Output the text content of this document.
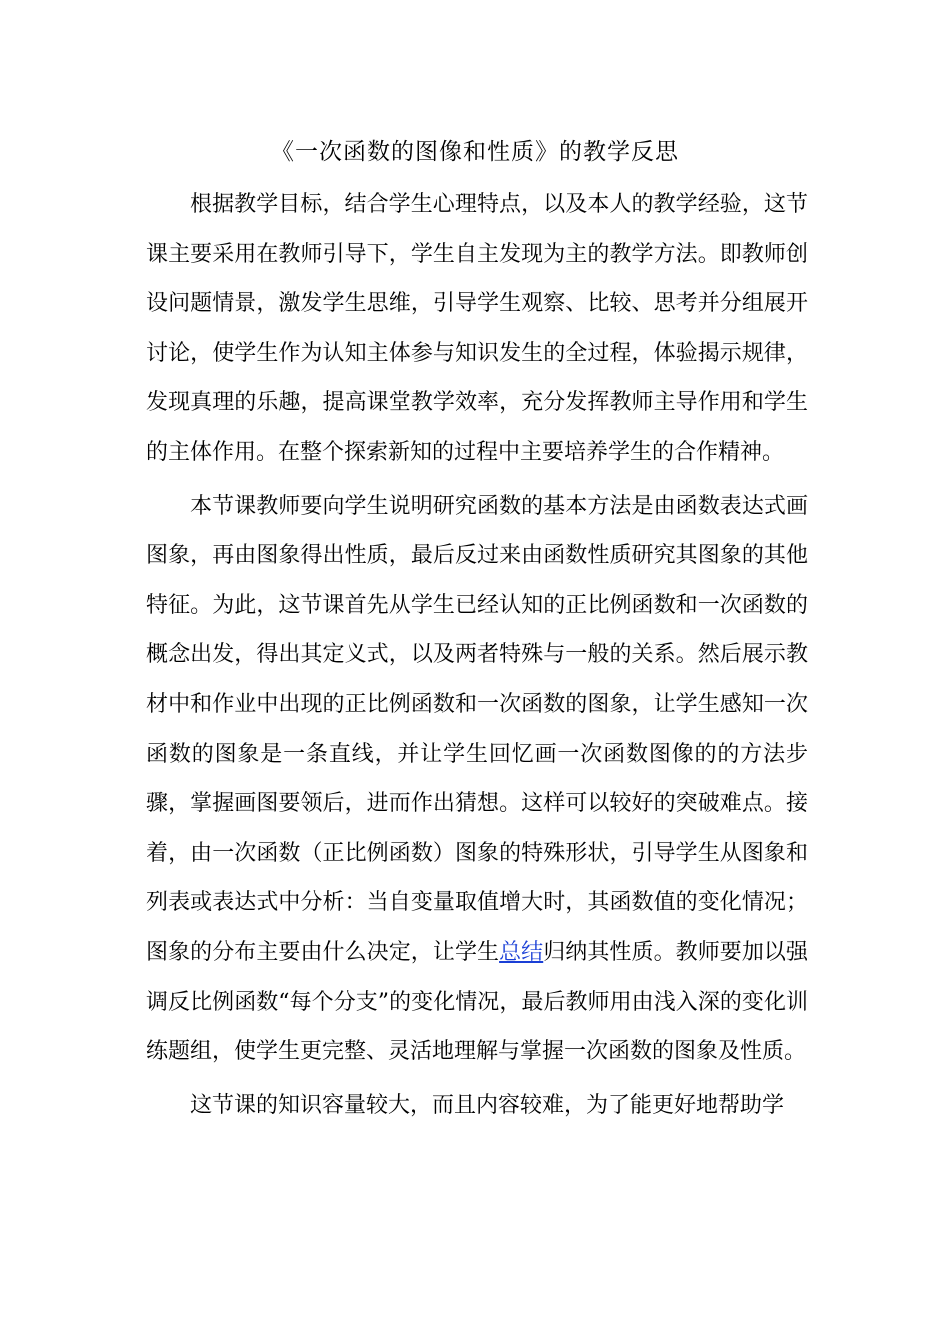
《一次函数的图像和性质》的教学反思

根据教学目标，结合学生心理特点，以及本人的教学经验，这节课主要采用在教师引导下，学生自主发现为主的教学方法。即教师创设问题情景，激发学生思维，引导学生观察、比较、思考并分组展开讨论，使学生作为认知主体参与知识发生的全过程，体验揭示规律，发现真理的乐趣，提高课堂教学效率，充分发挥教师主导作用和学生的主体作用。在整个探索新知的过程中主要培养学生的合作精神。

本节课教师要向学生说明研究函数的基本方法是由函数表达式画图象，再由图象得出性质，最后反过来由函数性质研究其图象的其他特征。为此，这节课首先从学生已经认知的正比例函数和一次函数的概念出发，得出其定义式，以及两者特殊与一般的关系。然后展示教材中和作业中出现的正比例函数和一次函数的图象，让学生感知一次函数的图象是一条直线，并让学生回忆画一次函数图像的的方法步骤，掌握画图要领后，进而作出猜想。这样可以较好的突破难点。接着，由一次函数（正比例函数）图象的特殊形状，引导学生从图象和列表或表达式中分析：当自变量取值增大时，其函数值的变化情况；图象的分布主要由什么决定，让学生总结归纳其性质。教师要加以强调反比例函数“每个分支”的变化情况，最后教师用由浅入深的变化训练题组，使学生更完整、灵活地理解与掌握一次函数的图象及性质。

这节课的知识容量较大，而且内容较难，为了能更好地帮助学
